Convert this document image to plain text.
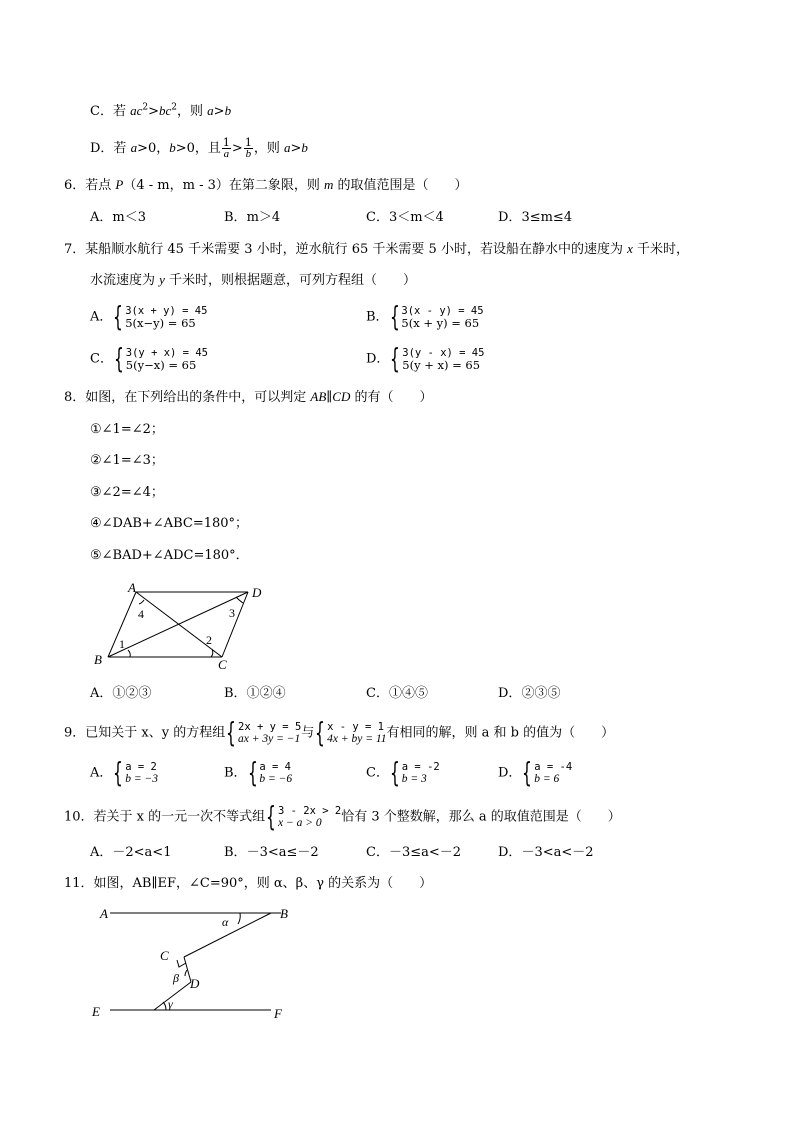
C．若 $ac^2>bc^2$，则 a>b
D．若 a>0，b>0，且 $\frac{1}{a} > \frac{1}{b}$ ，则 a>b
6．若点 P（4 - m，m - 3）在第二象限，则 m 的取值范围是（　　）
A．m＜3	B．m＞4	C．3＜m＜4	D．3≤m≤4
7．某船顺水航行 45 千米需要 3 小时，逆水航行 65 千米需要 5 小时，若设船在静水中的速度为 x 千米时，
水流速度为 y 千米时，则根据题意，可列方程组（　　）
A． { 3(x + y) = 45
5(x−y) = 65	B． { 3(x - y) = 45
5(x + y) = 65
C． { 3(y + x) = 45
5(y−x) = 65	D． { 3(y - x) = 45
5(y + x) = 65
8．如图，在下列给出的条件中，可以判定 AB∥CD 的有（　　）
①∠1=∠2；
②∠1=∠3；
③∠2=∠4；
④∠DAB+∠ABC=180°；
⑤∠BAD+∠ADC=180°．
A
B	C
D
1	2
3
4
A．①②③	B．①②④	C．①④⑤	D．②③⑤
9．已知关于 x、y 的方程组 { 2x + y = 5
ax + 3y = −1 与 { x - y = 1
4x + by = 11 有相同的解，则 a 和 b 的值为（　　）
A． { a = 2
b = −3	B． { a = 4
b = −6	C． { a = -2
b = 3	D． { a = -4
b = 6
10．若关于 x 的一元一次不等式组 { 3 - 2x > 2
x − a > 0	恰有 3 个整数解，那么 a 的取值范围是（　　）
A．－2<a<1	B．－3<a≤－2	C．－3≤a<－2	D．－3<a<－2
11．如图，AB∥EF，∠C=90°，则 α、β、γ 的关系为（　　）
A	B
C
D
E	F
α
β
γ
